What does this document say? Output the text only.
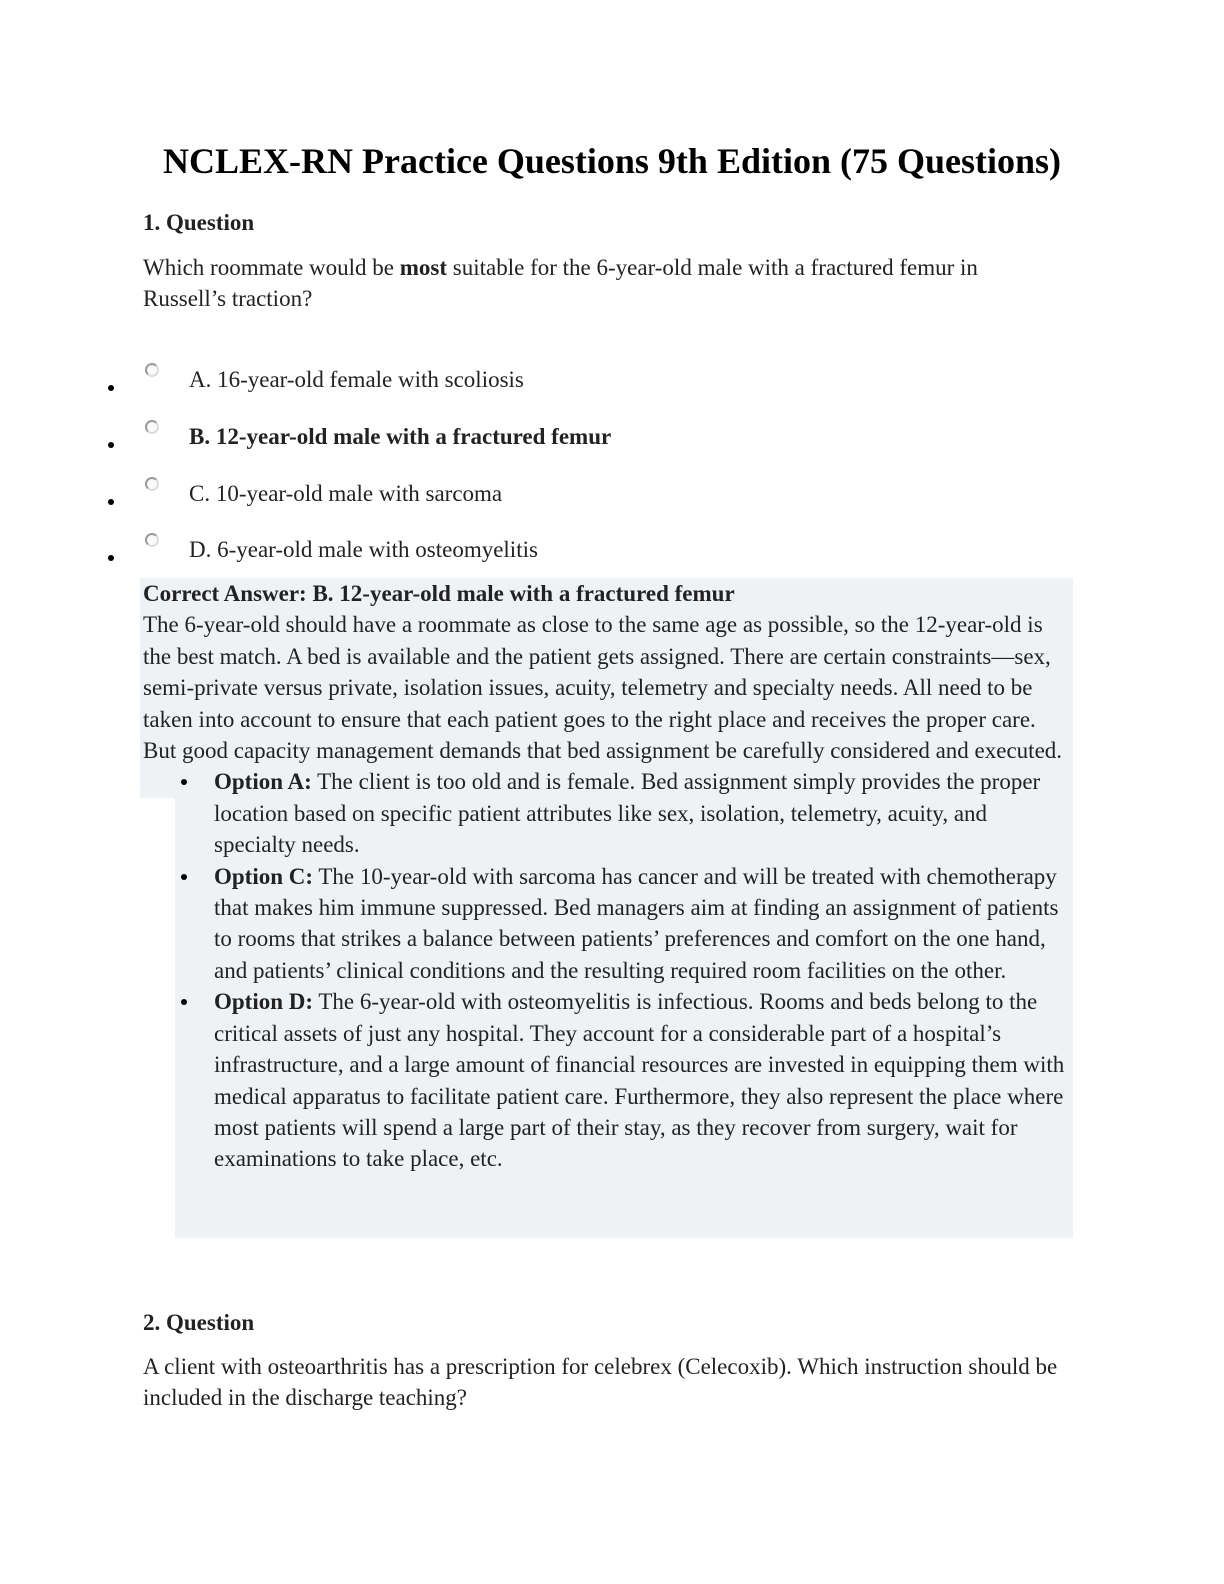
NCLEX-RN Practice Questions 9th Edition (75 Questions)
1. Question

Which roommate would be most suitable for the 6-year-old male with a fractured femur in Russell’s traction?

A. 16-year-old female with scoliosis
B. 12-year-old male with a fractured femur
C. 10-year-old male with sarcoma
D. 6-year-old male with osteomyelitis
Correct Answer: B. 12-year-old male with a fractured femur
The 6-year-old should have a roommate as close to the same age as possible, so the 12-year-old is the best match. A bed is available and the patient gets assigned. There are certain constraints—sex, semi-private versus private, isolation issues, acuity, telemetry and specialty needs. All need to be taken into account to ensure that each patient goes to the right place and receives the proper care. But good capacity management demands that bed assignment be carefully considered and executed.
Option A: The client is too old and is female. Bed assignment simply provides the proper location based on specific patient attributes like sex, isolation, telemetry, acuity, and specialty needs.
Option C: The 10-year-old with sarcoma has cancer and will be treated with chemotherapy that makes him immune suppressed. Bed managers aim at finding an assignment of patients to rooms that strikes a balance between patients’ preferences and comfort on the one hand, and patients’ clinical conditions and the resulting required room facilities on the other.
Option D: The 6-year-old with osteomyelitis is infectious. Rooms and beds belong to the critical assets of just any hospital. They account for a considerable part of a hospital’s infrastructure, and a large amount of financial resources are invested in equipping them with medical apparatus to facilitate patient care. Furthermore, they also represent the place where most patients will spend a large part of their stay, as they recover from surgery, wait for examinations to take place, etc.
2. Question

A client with osteoarthritis has a prescription for celebrex (Celecoxib). Which instruction should be included in the discharge teaching?
